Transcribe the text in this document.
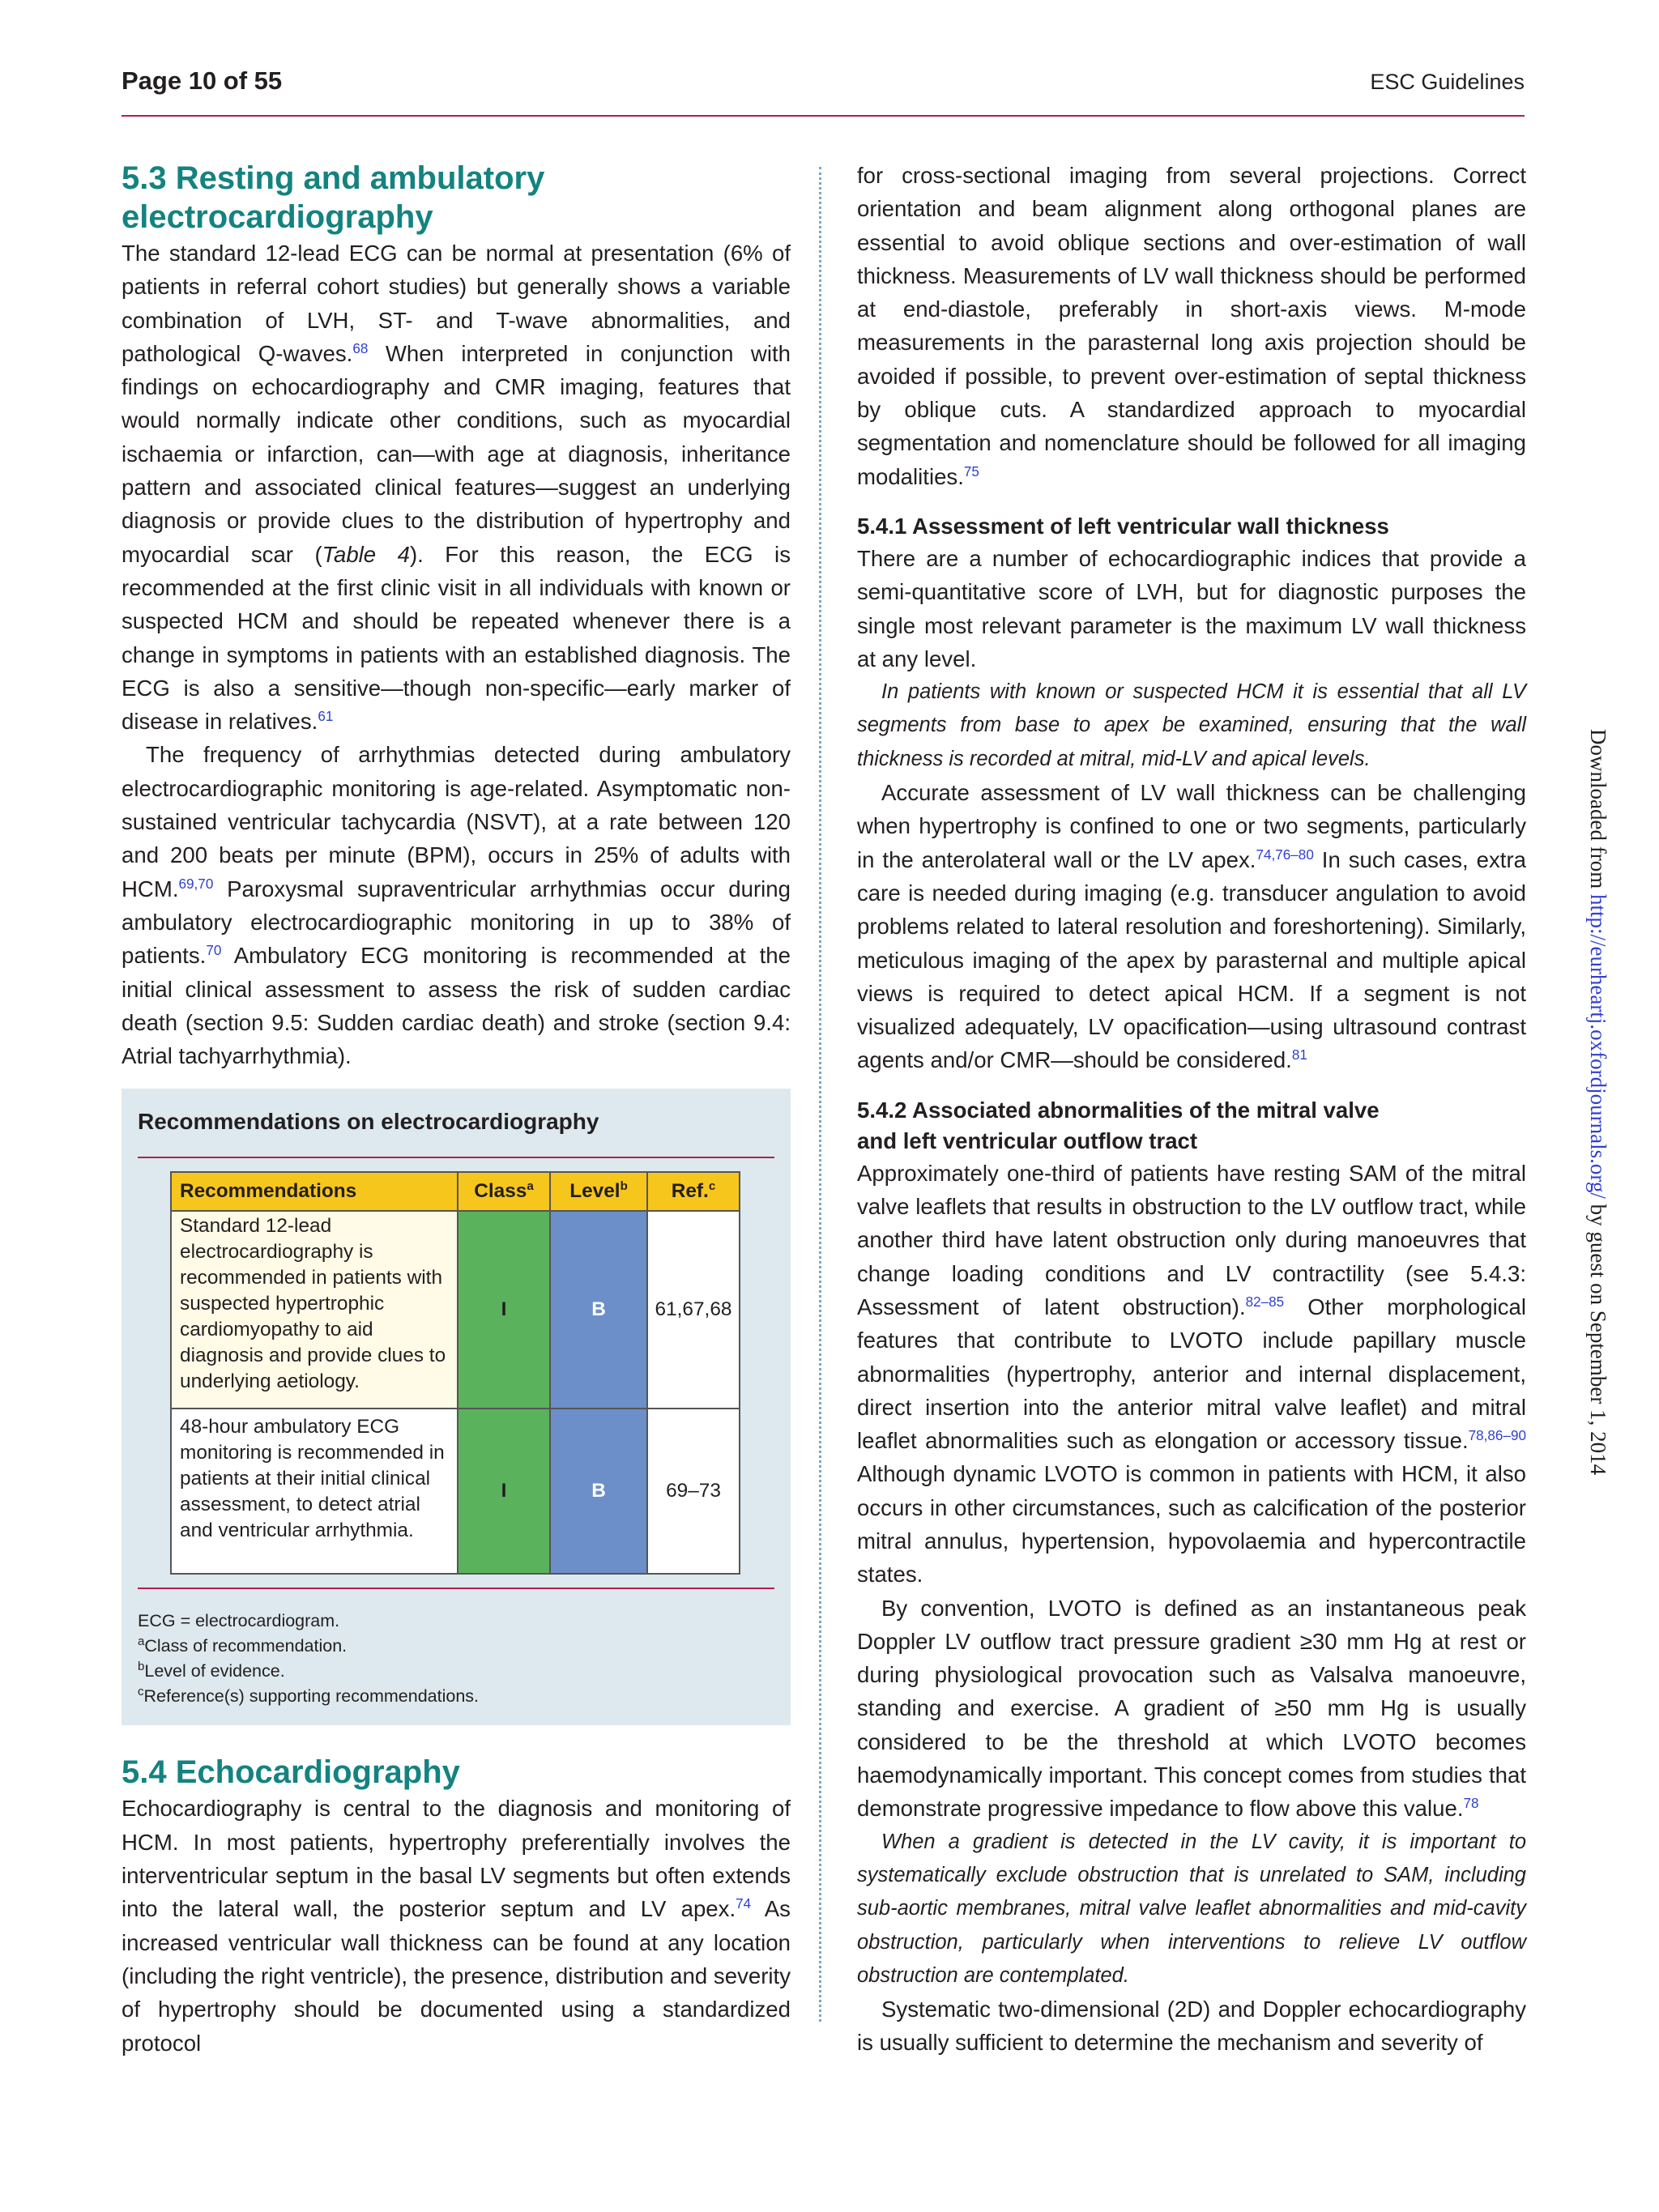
Page 10 of 55	ESC Guidelines
5.3 Resting and ambulatory electrocardiography

The standard 12-lead ECG can be normal at presentation (6% of patients in referral cohort studies) but generally shows a variable combination of LVH, ST- and T-wave abnormalities, and pathological Q-waves.$^{68}$ When interpreted in conjunction with findings on echocardiography and CMR imaging, features that would normally indicate other conditions, such as myocardial ischaemia or infarction, can—with age at diagnosis, inheritance pattern and associated clinical features—suggest an underlying diagnosis or provide clues to the distribution of hypertrophy and myocardial scar (Table 4). For this reason, the ECG is recommended at the first clinic visit in all individuals with known or suspected HCM and should be repeated whenever there is a change in symptoms in patients with an established diagnosis. The ECG is also a sensitive—though non-specific—early marker of disease in relatives.$^{61}$

The frequency of arrhythmias detected during ambulatory electrocardiographic monitoring is age-related. Asymptomatic non-sustained ventricular tachycardia (NSVT), at a rate between 120 and 200 beats per minute (BPM), occurs in 25% of adults with HCM.$^{69,70}$ Paroxysmal supraventricular arrhythmias occur during ambulatory electrocardiographic monitoring in up to 38% of patients.$^{70}$ Ambulatory ECG monitoring is recommended at the initial clinical assessment to assess the risk of sudden cardiac death (section 9.5: Sudden cardiac death) and stroke (section 9.4: Atrial tachyarrhythmia).

Recommendations on electrocardiography
Recommendations	Class$^a$	Level$^b$	Ref.$^c$
Standard 12-lead electrocardiography is recommended in patients with suspected hypertrophic cardiomyopathy to aid diagnosis and provide clues to underlying aetiology.	I	B	61,67,68
48-hour ambulatory ECG monitoring is recommended in patients at their initial clinical assessment, to detect atrial and ventricular arrhythmia.	I	B	69–73
ECG = electrocardiogram.
$^a$Class of recommendation.
$^b$Level of evidence.
$^c$Reference(s) supporting recommendations.
5.4 Echocardiography

Echocardiography is central to the diagnosis and monitoring of HCM. In most patients, hypertrophy preferentially involves the interventricular septum in the basal LV segments but often extends into the lateral wall, the posterior septum and LV apex.$^{74}$ As increased ventricular wall thickness can be found at any location (including the right ventricle), the presence, distribution and severity of hypertrophy should be documented using a standardized protocol

for cross-sectional imaging from several projections. Correct orientation and beam alignment along orthogonal planes are essential to avoid oblique sections and over-estimation of wall thickness. Measurements of LV wall thickness should be performed at end-diastole, preferably in short-axis views. M-mode measurements in the parasternal long axis projection should be avoided if possible, to prevent over-estimation of septal thickness by oblique cuts. A standardized approach to myocardial segmentation and nomenclature should be followed for all imaging modalities.$^{75}$

5.4.1 Assessment of left ventricular wall thickness

There are a number of echocardiographic indices that provide a semi-quantitative score of LVH, but for diagnostic purposes the single most relevant parameter is the maximum LV wall thickness at any level.

In patients with known or suspected HCM it is essential that all LV segments from base to apex be examined, ensuring that the wall thickness is recorded at mitral, mid-LV and apical levels.

Accurate assessment of LV wall thickness can be challenging when hypertrophy is confined to one or two segments, particularly in the anterolateral wall or the LV apex.$^{74,76-80}$ In such cases, extra care is needed during imaging (e.g. transducer angulation to avoid problems related to lateral resolution and foreshortening). Similarly, meticulous imaging of the apex by parasternal and multiple apical views is required to detect apical HCM. If a segment is not visualized adequately, LV opacification—using ultrasound contrast agents and/or CMR—should be considered.$^{81}$

5.4.2 Associated abnormalities of the mitral valve
and left ventricular outflow tract

Approximately one-third of patients have resting SAM of the mitral valve leaflets that results in obstruction to the LV outflow tract, while another third have latent obstruction only during manoeuvres that change loading conditions and LV contractility (see 5.4.3: Assessment of latent obstruction).$^{82-85}$ Other morphological features that contribute to LVOTO include papillary muscle abnormalities (hypertrophy, anterior and internal displacement, direct insertion into the anterior mitral valve leaflet) and mitral leaflet abnormalities such as elongation or accessory tissue.$^{78,86-90}$ Although dynamic LVOTO is common in patients with HCM, it also occurs in other circumstances, such as calcification of the posterior mitral annulus, hypertension, hypovolaemia and hypercontractile states.

By convention, LVOTO is defined as an instantaneous peak Doppler LV outflow tract pressure gradient ≥30 mm Hg at rest or during physiological provocation such as Valsalva manoeuvre, standing and exercise. A gradient of ≥50 mm Hg is usually considered to be the threshold at which LVOTO becomes haemodynamically important. This concept comes from studies that demonstrate progressive impedance to flow above this value.$^{78}$

When a gradient is detected in the LV cavity, it is important to systematically exclude obstruction that is unrelated to SAM, including sub-aortic membranes, mitral valve leaflet abnormalities and mid-cavity obstruction, particularly when interventions to relieve LV outflow obstruction are contemplated.

Systematic two-dimensional (2D) and Doppler echocardiography is usually sufficient to determine the mechanism and severity of

Downloaded from http://eurheartj.oxfordjournals.org/ by guest on September 1, 2014
